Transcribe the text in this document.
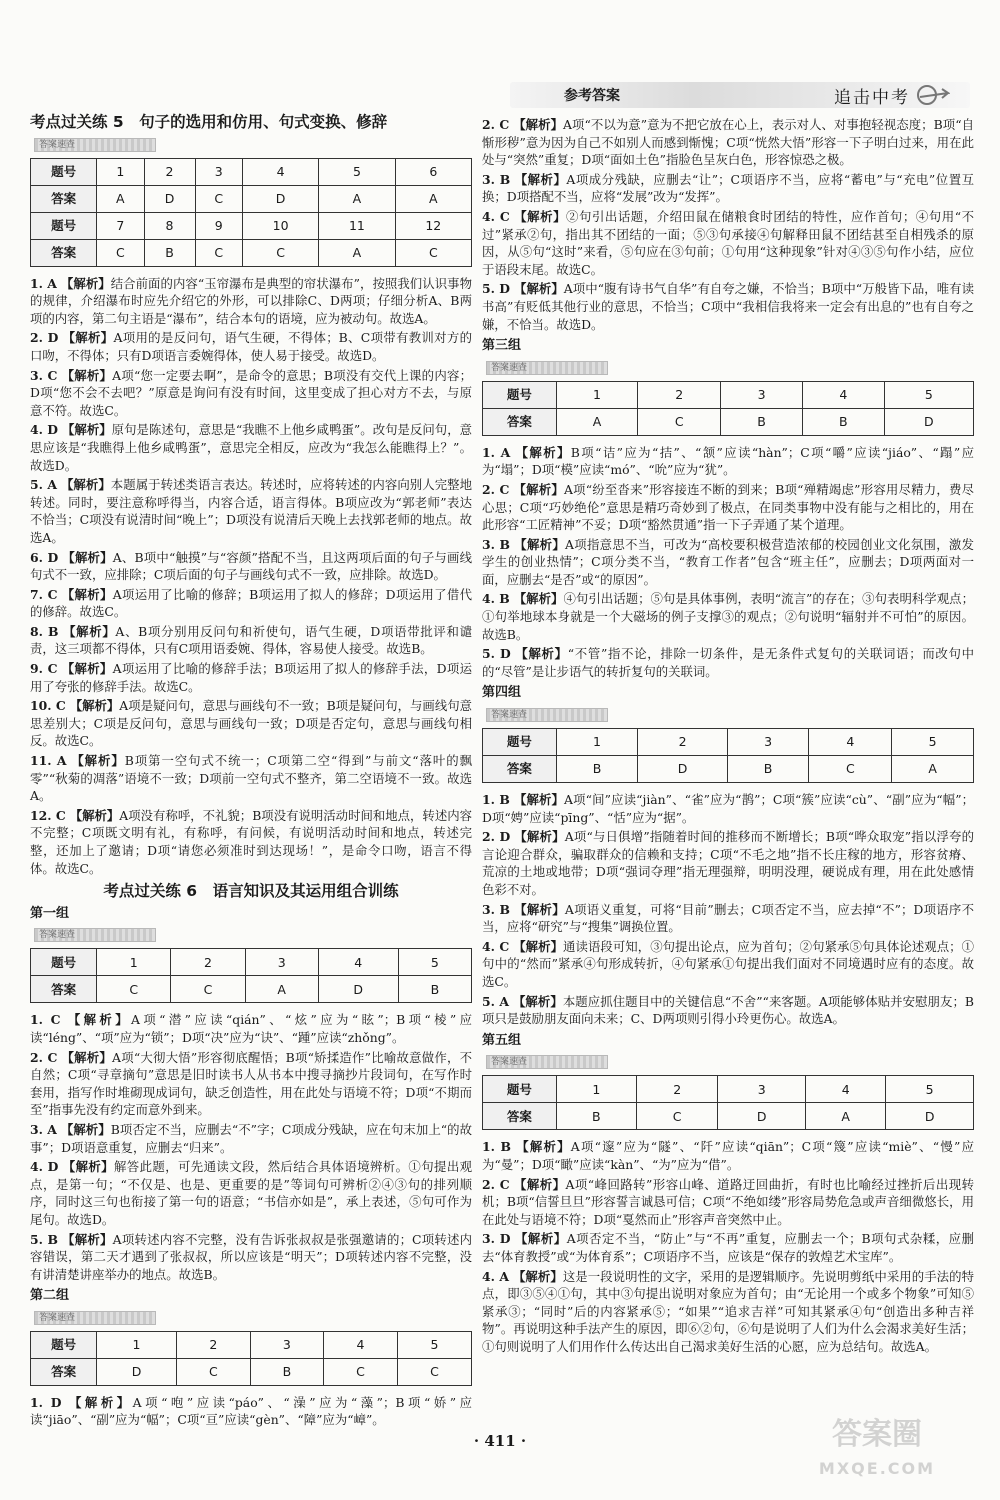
参考答案	追击中考
考点过关练 5　句子的选用和仿用、句式变换、修辞
答案速查
题号	1	2	3	4	5	6
答案	A	D	C	D	A	A
题号	7	8	9	10	11	12
答案	C	B	C	C	A	C
1. A 【解析】结合前面的内容“玉帘瀑布是典型的帘状瀑布”，按照我们认识事物的规律，介绍瀑布时应先介绍它的外形，可以排除C、D两项；仔细分析A、B两项的内容，第二句主语是“瀑布”，结合本句的语境，应为被动句。故选A。
2. D 【解析】A项用的是反问句，语气生硬，不得体；B、C项带有教训对方的口吻，不得体；只有D项语言委婉得体，使人易于接受。故选D。
3. C 【解析】A项“您一定要去啊”，是命令的意思；B项没有交代上课的内容；D项“您不会不去吧？”原意是询问有没有时间，这里变成了担心对方不去，与原意不符。故选C。
4. D 【解析】原句是陈述句，意思是“我瞧不上他乡咸鸭蛋”。改句是反问句，意思应该是“我瞧得上他乡咸鸭蛋”，意思完全相反，应改为“我怎么能瞧得上？”。故选D。
5. A 【解析】本题属于转述类语言表达。转述时，应将转述的内容向别人完整地转述。同时，要注意称呼得当，内容合适，语言得体。B项应改为“郭老师”表达不恰当；C项没有说清时间“晚上”；D项没有说清后天晚上去找郭老师的地点。故选A。
6. D 【解析】A、B项中“触摸”与“容颜”搭配不当，且这两项后面的句子与画线句式不一致，应排除；C项后面的句子与画线句式不一致，应排除。故选D。
7. C 【解析】A项运用了比喻的修辞；B项运用了拟人的修辞；D项运用了借代的修辞。故选C。
8. B 【解析】A、B项分别用反问句和祈使句，语气生硬，D项语带批评和谴责，这三项都不得体，只有C项用语委婉、得体，容易使人接受。故选B。
9. C 【解析】A项运用了比喻的修辞手法；B项运用了拟人的修辞手法，D项运用了夸张的修辞手法。故选C。
10. C 【解析】A项是疑问句，意思与画线句不一致；B项是疑问句，与画线句意思差别大；C项是反问句，意思与画线句一致；D项是否定句，意思与画线句相反。故选C。
11. A 【解析】B项第一空句式不统一；C项第二空“得到”与前文“落叶的飘零”“秋菊的凋落”语境不一致；D项前一空句式不整齐，第二空语境不一致。故选A。
12. C 【解析】A项没有称呼，不礼貌；B项没有说明活动时间和地点，转述内容不完整；C项既文明有礼，有称呼，有问候，有说明活动时间和地点，转述完整，还加上了邀请；D项“请您必须准时到达现场！”，是命令口吻，语言不得体。故选C。
考点过关练 6　语言知识及其运用组合训练
第一组
答案速查
题号	1	2	3	4	5
答案	C	C	A	D	B
1. C 【解析】A项“潜”应读“qián”、“炫”应为“眩”；B项“棱”应读“léng”、“项”应为“锁”；D项“决”应为“诀”、“踵”应读“zhǒng”。
2. C 【解析】A项“大彻大悟”形容彻底醒悟；B项“矫揉造作”比喻故意做作，不自然；C项“寻章摘句”意思是旧时读书人从书本中搜寻摘抄片段词句，在写作时套用，指写作时堆砌现成词句，缺乏创造性，用在此处与语境不符；D项“不期而至”指事先没有约定而意外到来。
3. A 【解析】B项否定不当，应删去“不”字；C项成分残缺，应在句末加上“的故事”；D项语意重复，应删去“归来”。
4. D 【解析】解答此题，可先通读文段，然后结合具体语境辨析。①句提出观点，是第一句；“不仅是、也是、更重要的是”等词句可辨析②④③句的排列顺序，同时这三句也衔接了第一句的语意；“书信亦如是”，承上表述，⑤句可作为尾句。故选D。
5. B 【解析】A项转述内容不完整，没有告诉张叔叔是张强邀请的；C项转述内容错误，第二天才遇到了张叔叔，所以应该是“明天”；D项转述内容不完整，没有讲清楚讲座举办的地点。故选B。
第二组
答案速查
题号	1	2	3	4	5
答案	D	C	B	C	C
1. D 【解析】A项“咆”应读“páo”、“澡”应为“藻”；B项“娇”应读“jiāo”、“副”应为“幅”；C项“亘”应读“gèn”、“障”应为“嶂”。
2. C 【解析】A项“不以为意”意为不把它放在心上，表示对人、对事抱轻视态度；B项“自惭形秽”意为因为自己不如别人而感到惭愧；C项“恍然大悟”形容一下子明白过来，用在此处与“突然”重复；D项“面如土色”指脸色呈灰白色，形容惊恐之极。
3. B 【解析】A项成分残缺，应删去“让”；C项语序不当，应将“蓄电”与“充电”位置互换；D项搭配不当，应将“发展”改为“发挥”。
4. C 【解析】②句引出话题，介绍田鼠在储粮食时团结的特性，应作首句；④句用“不过”紧承②句，指出其不团结的一面；⑤③句承接④句解释田鼠不团结甚至自相残杀的原因，从⑤句“这时”来看，⑤句应在③句前；①句用“这种现象”针对④③⑤句作小结，应位于语段末尾。故选C。
5. D 【解析】A项中“腹有诗书气自华”有自夸之嫌，不恰当；B项中“万般皆下品，唯有读书高”有贬低其他行业的意思，不恰当；C项中“我相信我将来一定会有出息的”也有自夸之嫌，不恰当。故选D。
第三组
答案速查
题号	1	2	3	4	5
答案	A	C	B	B	D
1. A 【解析】B项“诘”应为“拮”、“颔”应读“hàn”；C项“嚼”应读“jiáo”、“蹋”应为“塌”；D项“模”应读“mó”、“吮”应为“犹”。
2. C 【解析】A项“纷至沓来”形容接连不断的到来；B项“殚精竭虑”形容用尽精力，费尽心思；C项“巧妙绝伦”意思是精巧奇妙到了极点，在同类事物中没有能与之相比的，用在此形容“工匠精神”不妥；D项“豁然贯通”指一下子弄通了某个道理。
3. B 【解析】A项指意思不当，可改为“高校要积极营造浓郁的校园创业文化氛围，激发学生的创业热情”；C项分类不当，“教育工作者”包含“班主任”，应删去；D项两面对一面，应删去“是否”或“的原因”。
4. B 【解析】④句引出话题；⑤句是具体事例，表明“流言”的存在；③句表明科学观点；①句举地球本身就是一个大磁场的例子支撑③的观点；②句说明“辐射并不可怕”的原因。故选B。
5. D 【解析】“不管”指不论，排除一切条件，是无条件式复句的关联词语；而改句中的“尽管”是让步语气的转折复句的关联词。
第四组
答案速查
题号	1	2	3	4	5
答案	B	D	B	C	A
1. B 【解析】A项“间”应读“jiàn”、“雀”应为“鹊”；C项“簇”应读“cù”、“副”应为“幅”；D项“娉”应读“pīng”、“恬”应为“据”。
2. D 【解析】A项“与日俱增”指随着时间的推移而不断增长；B项“哗众取宠”指以浮夸的言论迎合群众，骗取群众的信赖和支持；C项“不毛之地”指不长庄稼的地方，形容贫瘠、荒凉的土地或地带；D项“强词夺理”指无理强辩，明明没理，硬说成有理，用在此处感情色彩不对。
3. B 【解析】A项语义重复，可将“目前”删去；C项否定不当，应去掉“不”；D项语序不当，应将“研究”与“搜集”调换位置。
4. C 【解析】通读语段可知，③句提出论点，应为首句；②句紧承⑤句具体论述观点；①句中的“然而”紧承④句形成转折，④句紧承①句提出我们面对不同境遇时应有的态度。故选C。
5. A 【解析】本题应抓住题目中的关键信息“不舍”“来客题。A项能够体贴并安慰朋友；B项只是鼓励朋友面向未来；C、D两项则引得小玲更伤心。故选A。
第五组
答案速查
题号	1	2	3	4	5
答案	B	C	D	A	D
1. B 【解析】A项“邃”应为“隧”、“阡”应读“qiān”；C项“篾”应读“miè”、“慢”应为“曼”；D项“瞰”应读“kàn”、“为”应为“借”。
2. C 【解析】A项“峰回路转”形容山峰、道路迂回曲折，有时也比喻经过挫折后出现转机；B项“信誓旦旦”形容誓言诚恳可信；C项“不绝如缕”形容局势危急或声音细微悠长，用在此处与语境不符；D项“戛然而止”形容声音突然中止。
3. D 【解析】A项否定不当，“防止”与“不再”重复，应删去一个；B项句式杂糅，应删去“体育教授”或“为体育系”；C项语序不当，应该是“保存的敦煌艺术宝库”。
4. A 【解析】这是一段说明性的文字，采用的是逻辑顺序。先说明剪纸中采用的手法的特点，即③⑤④①句，其中③句提出说明对象应为首句；由“无论用一个或多个物象”可知⑤紧承③；“同时”后的内容紧承⑤；“如果”“追求吉祥”可知其紧承④句“创造出多种吉祥物”。再说明这种手法产生的原因，即⑥②句，⑥句是说明了人们为什么会渴求美好生活；①句则说明了人们用作什么传达出自己渴求美好生活的心愿，应为总结句。故选A。
· 411 ·	答案圈
MXQE.COM
